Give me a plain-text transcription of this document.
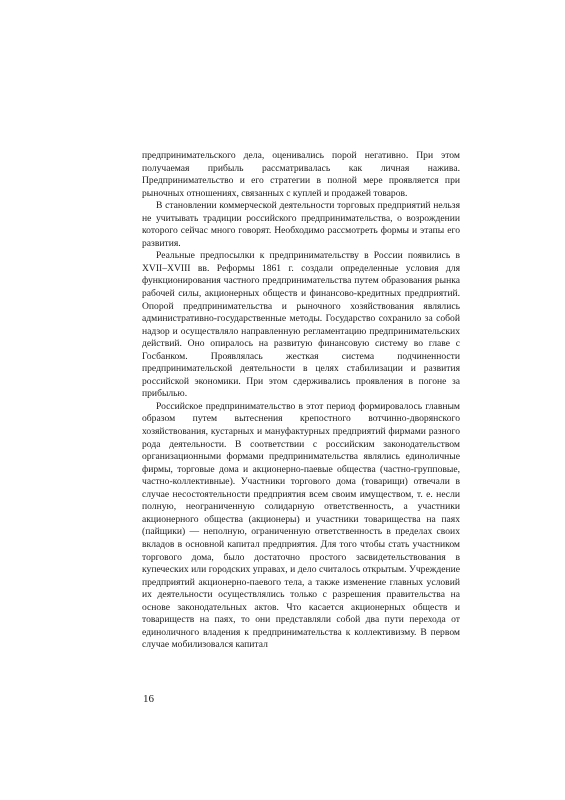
предпринимательского дела, оценивались порой негативно. При этом получаемая прибыль рассматривалась как личная нажива. Предпринимательство и его стратегии в полной мере проявляется при рыночных отношениях, связанных с куплей и продажей товаров.

В становлении коммерческой деятельности торговых предприятий нельзя не учитывать традиции российского предпринимательства, о возрождении которого сейчас много говорят. Необходимо рассмотреть формы и этапы его развития.

Реальные предпосылки к предпринимательству в России появились в XVII–XVIII вв. Реформы 1861 г. создали определенные условия для функционирования частного предпринимательства путем образования рынка рабочей силы, акционерных обществ и финансово-кредитных предприятий. Опорой предпринимательства и рыночного хозяйствования являлись административно-государственные методы. Государство сохранило за собой надзор и осуществляло направленную регламентацию предпринимательских действий. Оно опиралось на развитую финансовую систему во главе с Госбанком. Проявлялась жесткая система подчиненности предпринимательской деятельности в целях стабилизации и развития российской экономики. При этом сдерживались проявления в погоне за прибылью.

Российское предпринимательство в этот период формировалось главным образом путем вытеснения крепостного вотчинно-дворянского хозяйствования, кустарных и мануфактурных предприятий фирмами разного рода деятельности. В соответствии с российским законодательством организационными формами предпринимательства являлись единоличные фирмы, торговые дома и акционерно-паевые общества (частно-групповые, частно-коллективные). Участники торгового дома (товарищи) отвечали в случае несостоятельности предприятия всем своим имуществом, т. е. несли полную, неограниченную солидарную ответственность, а участники акционерного общества (акционеры) и участники товарищества на паях (пайщики) — неполную, ограниченную ответственность в пределах своих вкладов в основной капитал предприятия. Для того чтобы стать участником торгового дома, было достаточно простого засвидетельствования в купеческих или городских управах, и дело считалось открытым. Учреждение предприятий акционерно-паевого тела, а также изменение главных условий их деятельности осуществлялись только с разрешения правительства на основе законодательных актов. Что касается акционерных обществ и товариществ на паях, то они представляли собой два пути перехода от единоличного владения к предпринимательства к коллективизму. В первом случае мобилизовался капитал

16
